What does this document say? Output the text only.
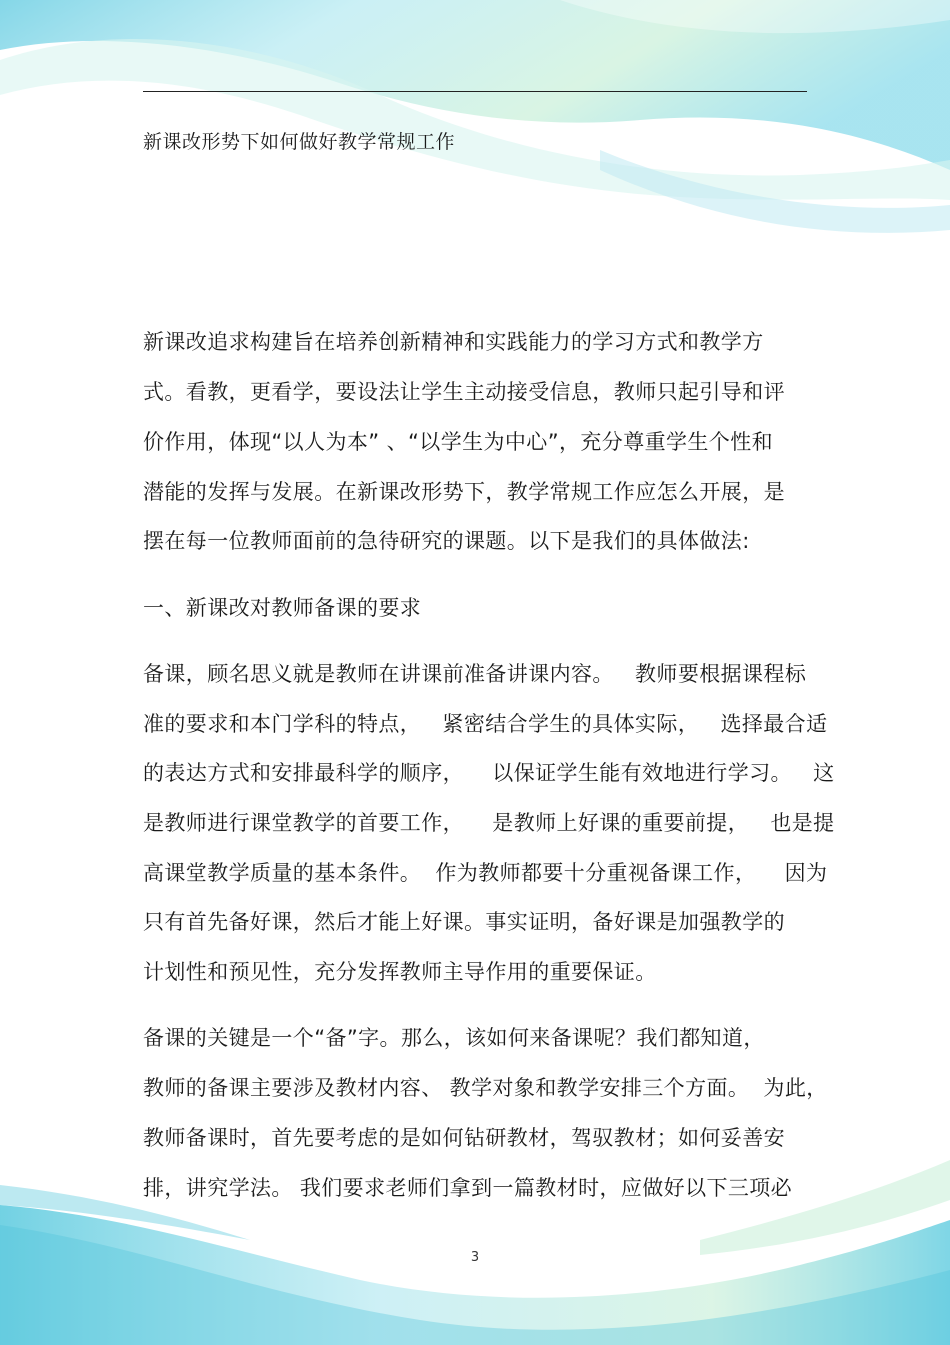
新课改形势下如何做好教学常规工作
新课改追求构建旨在培养创新精神和实践能力的学习方式和教学方
式。看教，更看学，要设法让学生主动接受信息，教师只起引导和评
价作用，体现“以人为本” 、“以学生为中心”，充分尊重学生个性和
潜能的发挥与发展。在新课改形势下，教学常规工作应怎么开展，是
摆在每一位教师面前的急待研究的课题。以下是我们的具体做法:
一、新课改对教师备课的要求
备课，顾名思义就是教师在讲课前准备讲课内容。   教师要根据课程标
准的要求和本门学科的特点，   紧密结合学生的具体实际，   选择最合适
的表达方式和安排最科学的顺序，    以保证学生能有效地进行学习。   这
是教师进行课堂教学的首要工作，    是教师上好课的重要前提，   也是提
高课堂教学质量的基本条件。  作为教师都要十分重视备课工作，    因为
只有首先备好课，然后才能上好课。事实证明，备好课是加强教学的
计划性和预见性，充分发挥教师主导作用的重要保证。
备课的关键是一个“备”字。那么，该如何来备课呢？我们都知道，
教师的备课主要涉及教材内容、 教学对象和教学安排三个方面。  为此，
教师备课时，首先要考虑的是如何钻研教材，驾驭教材；如何妥善安
排，讲究学法。 我们要求老师们拿到一篇教材时，应做好以下三项必
3
